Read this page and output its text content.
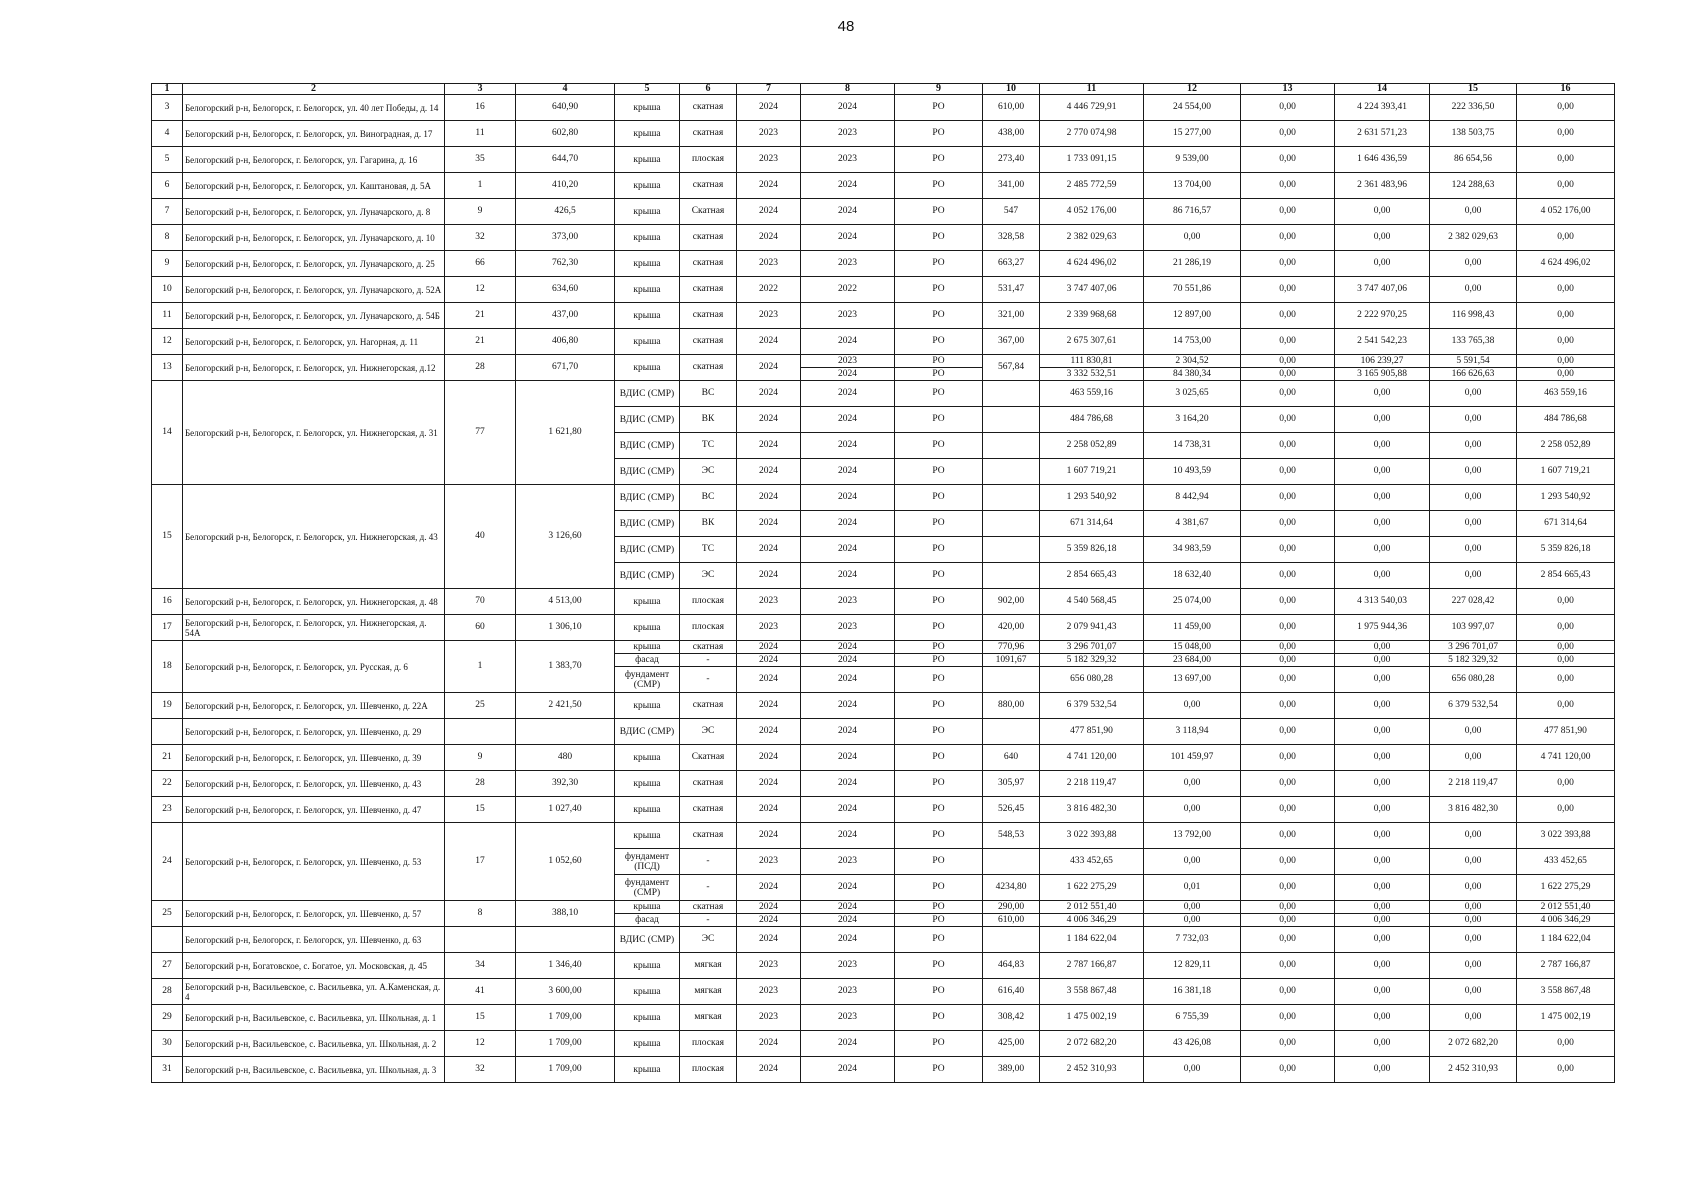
48
1	2	3	4	5	6	7	8	9	10	11	12	13	14	15	16
3	Белогорский р-н, Белогорск, г. Белогорск, ул. 40 лет Победы, д. 14	16	640,90	крыша	скатная	2024	2024	РО	610,00	4 446 729,91	24 554,00	0,00	4 224 393,41	222 336,50	0,00
4	Белогорский р-н, Белогорск, г. Белогорск, ул. Виноградная, д. 17	11	602,80	крыша	скатная	2023	2023	РО	438,00	2 770 074,98	15 277,00	0,00	2 631 571,23	138 503,75	0,00
5	Белогорский р-н, Белогорск, г. Белогорск, ул. Гагарина, д. 16	35	644,70	крыша	плоская	2023	2023	РО	273,40	1 733 091,15	9 539,00	0,00	1 646 436,59	86 654,56	0,00
6	Белогорский р-н, Белогорск, г. Белогорск, ул. Каштановая, д. 5А	1	410,20	крыша	скатная	2024	2024	РО	341,00	2 485 772,59	13 704,00	0,00	2 361 483,96	124 288,63	0,00
7	Белогорский р-н, Белогорск, г. Белогорск, ул. Луначарского, д. 8	9	426,5	крыша	Скатная	2024	2024	РО	547	4 052 176,00	86 716,57	0,00	0,00	0,00	4 052 176,00
8	Белогорский р-н, Белогорск, г. Белогорск, ул. Луначарского, д. 10	32	373,00	крыша	скатная	2024	2024	РО	328,58	2 382 029,63	0,00	0,00	0,00	2 382 029,63	0,00
9	Белогорский р-н, Белогорск, г. Белогорск, ул. Луначарского, д. 25	66	762,30	крыша	скатная	2023	2023	РО	663,27	4 624 496,02	21 286,19	0,00	0,00	0,00	4 624 496,02
10	Белогорский р-н, Белогорск, г. Белогорск, ул. Луначарского, д. 52А	12	634,60	крыша	скатная	2022	2022	РО	531,47	3 747 407,06	70 551,86	0,00	3 747 407,06	0,00	0,00
11	Белогорский р-н, Белогорск, г. Белогорск, ул. Луначарского, д. 54Б	21	437,00	крыша	скатная	2023	2023	РО	321,00	2 339 968,68	12 897,00	0,00	2 222 970,25	116 998,43	0,00
12	Белогорский р-н, Белогорск, г. Белогорск, ул. Нагорная, д. 11	21	406,80	крыша	скатная	2024	2024	РО	367,00	2 675 307,61	14 753,00	0,00	2 541 542,23	133 765,38	0,00
13	Белогорский р-н, Белогорск, г. Белогорск, ул. Нижнегорская, д.12	28	671,70	крыша	скатная	2024	2023	РО	567,84	111 830,81	2 304,52	0,00	106 239,27	5 591,54	0,00
							2024	РО		3 332 532,51	84 380,34	0,00	3 165 905,88	166 626,63	0,00
14	Белогорский р-н, Белогорск, г. Белогорск, ул. Нижнегорская, д. 31	77	1 621,80	ВДИС (СМР)	ВС	2024	2024	РО		463 559,16	3 025,65	0,00	0,00	0,00	463 559,16
				ВДИС (СМР)	ВК	2024	2024	РО		484 786,68	3 164,20	0,00	0,00	0,00	484 786,68
				ВДИС (СМР)	ТС	2024	2024	РО		2 258 052,89	14 738,31	0,00	0,00	0,00	2 258 052,89
				ВДИС (СМР)	ЭС	2024	2024	РО		1 607 719,21	10 493,59	0,00	0,00	0,00	1 607 719,21
15	Белогорский р-н, Белогорск, г. Белогорск, ул. Нижнегорская, д. 43	40	3 126,60	ВДИС (СМР)	ВС	2024	2024	РО		1 293 540,92	8 442,94	0,00	0,00	0,00	1 293 540,92
				ВДИС (СМР)	ВК	2024	2024	РО		671 314,64	4 381,67	0,00	0,00	0,00	671 314,64
				ВДИС (СМР)	ТС	2024	2024	РО		5 359 826,18	34 983,59	0,00	0,00	0,00	5 359 826,18
				ВДИС (СМР)	ЭС	2024	2024	РО		2 854 665,43	18 632,40	0,00	0,00	0,00	2 854 665,43
16	Белогорский р-н, Белогорск, г. Белогорск, ул. Нижнегорская, д. 48	70	4 513,00	крыша	плоская	2023	2023	РО	902,00	4 540 568,45	25 074,00	0,00	4 313 540,03	227 028,42	0,00
17	Белогорский р-н, Белогорск, г. Белогорск, ул. Нижнегорская, д. 54А	60	1 306,10	крыша	плоская	2023	2023	РО	420,00	2 079 941,43	11 459,00	0,00	1 975 944,36	103 997,07	0,00
18	Белогорский р-н, Белогорск, г. Белогорск, ул. Русская, д. 6	1	1 383,70	крыша	скатная	2024	2024	РО	770,96	3 296 701,07	15 048,00	0,00	0,00	3 296 701,07	0,00
				фасад	-	2024	2024	РО	1091,67	5 182 329,32	23 684,00	0,00	0,00	5 182 329,32	0,00
				фундамент (СМР)	-	2024	2024	РО		656 080,28	13 697,00	0,00	0,00	656 080,28	0,00
19	Белогорский р-н, Белогорск, г. Белогорск, ул. Шевченко, д. 22А	25	2 421,50	крыша	скатная	2024	2024	РО	880,00	6 379 532,54	0,00	0,00	0,00	6 379 532,54	0,00
	Белогорский р-н, Белогорск, г. Белогорск, ул. Шевченко, д. 29			ВДИС (СМР)	ЭС	2024	2024	РО		477 851,90	3 118,94	0,00	0,00	0,00	477 851,90
21	Белогорский р-н, Белогорск, г. Белогорск, ул. Шевченко, д. 39	9	480	крыша	Скатная	2024	2024	РО	640	4 741 120,00	101 459,97	0,00	0,00	0,00	4 741 120,00
22	Белогорский р-н, Белогорск, г. Белогорск, ул. Шевченко, д. 43	28	392,30	крыша	скатная	2024	2024	РО	305,97	2 218 119,47	0,00	0,00	0,00	2 218 119,47	0,00
23	Белогорский р-н, Белогорск, г. Белогорск, ул. Шевченко, д. 47	15	1 027,40	крыша	скатная	2024	2024	РО	526,45	3 816 482,30	0,00	0,00	0,00	3 816 482,30	0,00
24	Белогорский р-н, Белогорск, г. Белогорск, ул. Шевченко, д. 53	17	1 052,60	крыша	скатная	2024	2024	РО	548,53	3 022 393,88	13 792,00	0,00	0,00	0,00	3 022 393,88
				фундамент (ПСД)	-	2023	2023	РО		433 452,65	0,00	0,00	0,00	0,00	433 452,65
				фундамент (СМР)	-	2024	2024	РО	4234,80	1 622 275,29	0,01	0,00	0,00	0,00	1 622 275,29
25	Белогорский р-н, Белогорск, г. Белогорск, ул. Шевченко, д. 57	8	388,10	крыша	скатная	2024	2024	РО	290,00	2 012 551,40	0,00	0,00	0,00	0,00	2 012 551,40
				фасад	-	2024	2024	РО	610,00	4 006 346,29	0,00	0,00	0,00	0,00	4 006 346,29
	Белогорский р-н, Белогорск, г. Белогорск, ул. Шевченко, д. 63			ВДИС (СМР)	ЭС	2024	2024	РО		1 184 622,04	7 732,03	0,00	0,00	0,00	1 184 622,04
27	Белогорский р-н, Богатовское, с. Богатое, ул. Московская, д. 45	34	1 346,40	крыша	мягкая	2023	2023	РО	464,83	2 787 166,87	12 829,11	0,00	0,00	0,00	2 787 166,87
28	Белогорский р-н, Васильевское, с. Васильевка, ул. А.Каменская, д. 4	41	3 600,00	крыша	мягкая	2023	2023	РО	616,40	3 558 867,48	16 381,18	0,00	0,00	0,00	3 558 867,48
29	Белогорский р-н, Васильевское, с. Васильевка, ул. Школьная, д. 1	15	1 709,00	крыша	мягкая	2023	2023	РО	308,42	1 475 002,19	6 755,39	0,00	0,00	0,00	1 475 002,19
30	Белогорский р-н, Васильевское, с. Васильевка, ул. Школьная, д. 2	12	1 709,00	крыша	плоская	2024	2024	РО	425,00	2 072 682,20	43 426,08	0,00	0,00	2 072 682,20	0,00
31	Белогорский р-н, Васильевское, с. Васильевка, ул. Школьная, д. 3	32	1 709,00	крыша	плоская	2024	2024	РО	389,00	2 452 310,93	0,00	0,00	0,00	2 452 310,93	0,00
